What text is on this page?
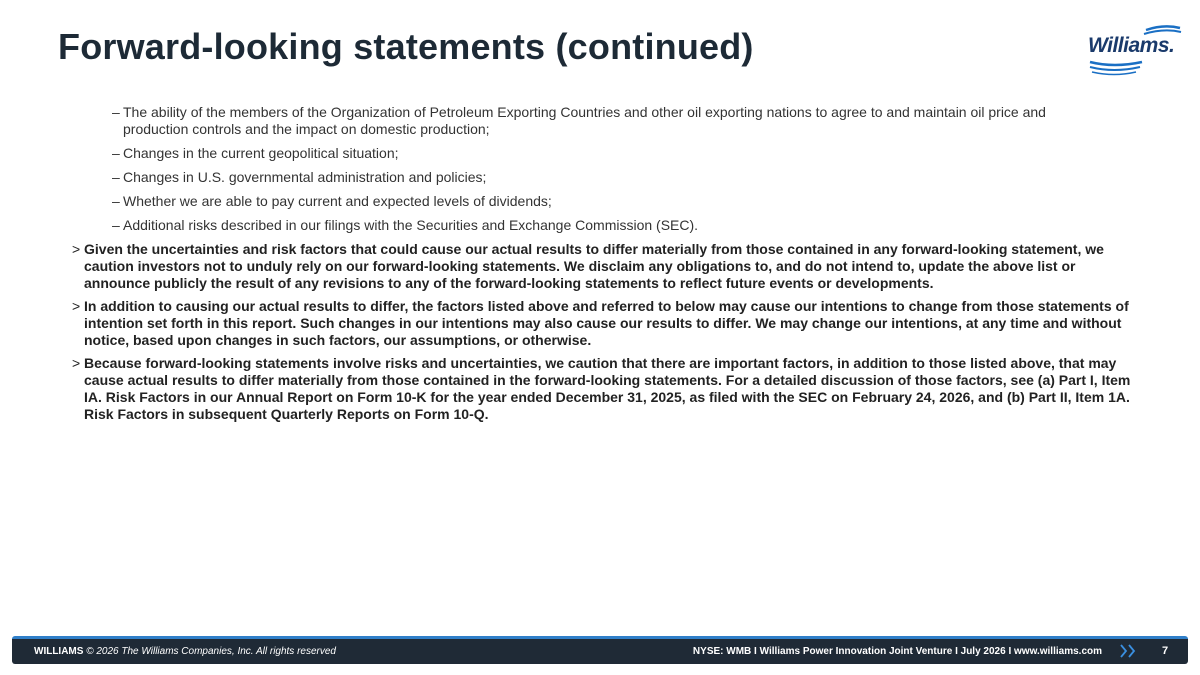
Forward-looking statements (continued)	Williams.
– The ability of the members of the Organization of Petroleum Exporting Countries and other oil exporting nations to agree to and maintain oil price and production controls and the impact on domestic production;
– Changes in the current geopolitical situation;
– Changes in U.S. governmental administration and policies;
– Whether we are able to pay current and expected levels of dividends;
– Additional risks described in our filings with the Securities and Exchange Commission (SEC).
> Given the uncertainties and risk factors that could cause our actual results to differ materially from those contained in any forward-looking statement, we caution investors not to unduly rely on our forward-looking statements. We disclaim any obligations to, and do not intend to, update the above list or announce publicly the result of any revisions to any of the forward-looking statements to reflect future events or developments.
> In addition to causing our actual results to differ, the factors listed above and referred to below may cause our intentions to change from those statements of intention set forth in this report. Such changes in our intentions may also cause our results to differ. We may change our intentions, at any time and without notice, based upon changes in such factors, our assumptions, or otherwise.
> Because forward-looking statements involve risks and uncertainties, we caution that there are important factors, in addition to those listed above, that may cause actual results to differ materially from those contained in the forward-looking statements. For a detailed discussion of those factors, see (a) Part I, Item IA. Risk Factors in our Annual Report on Form 10-K for the year ended December 31, 2025, as filed with the SEC on February 24, 2026, and (b) Part II, Item 1A. Risk Factors in subsequent Quarterly Reports on Form 10-Q.
WILLIAMS © 2026 The Williams Companies, Inc. All rights reserved	NYSE: WMB I Williams Power Innovation Joint Venture I July 2026 I www.williams.com	7
